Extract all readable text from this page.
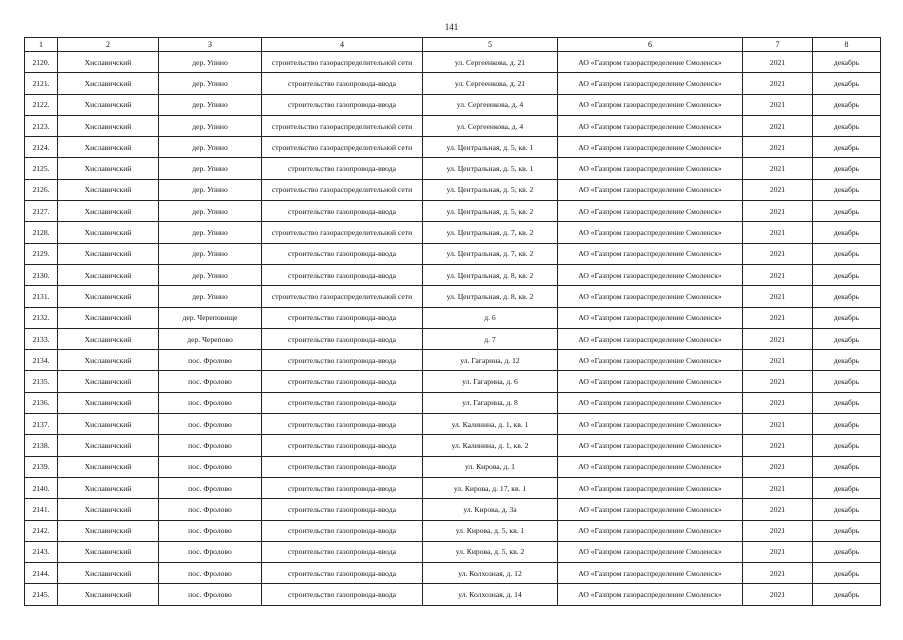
141
1	2	3	4	5	6	7	8
2120.	Хиславичский	дер. Упино	строительство газораспределительной сети	ул. Сергеенкова, д. 21	АО «Газпром газораспределение Смоленск»	2021	декабрь
2121.	Хиславичский	дер. Упино	строительство газопровода-ввода	ул. Сергеенкова, д. 21	АО «Газпром газораспределение Смоленск»	2021	декабрь
2122.	Хиславичский	дер. Упино	строительство газопровода-ввода	ул. Сергеенкова, д. 4	АО «Газпром газораспределение Смоленск»	2021	декабрь
2123.	Хиславичский	дер. Упино	строительство газораспределительной сети	ул. Сергеенкова, д. 4	АО «Газпром газораспределение Смоленск»	2021	декабрь
2124.	Хиславичский	дер. Упино	строительство газораспределительной сети	ул. Центральная, д. 5, кв. 1	АО «Газпром газораспределение Смоленск»	2021	декабрь
2125.	Хиславичский	дер. Упино	строительство газопровода-ввода	ул. Центральная, д. 5, кв. 1	АО «Газпром газораспределение Смоленск»	2021	декабрь
2126.	Хиславичский	дер. Упино	строительство газораспределительной сети	ул. Центральная, д. 5, кв. 2	АО «Газпром газораспределение Смоленск»	2021	декабрь
2127.	Хиславичский	дер. Упино	строительство газопровода-ввода	ул. Центральная, д. 5, кв. 2	АО «Газпром газораспределение Смоленск»	2021	декабрь
2128.	Хиславичский	дер. Упино	строительство газораспределительной сети	ул. Центральная, д. 7, кв. 2	АО «Газпром газораспределение Смоленск»	2021	декабрь
2129.	Хиславичский	дер. Упино	строительство газопровода-ввода	ул. Центральная, д. 7, кв. 2	АО «Газпром газораспределение Смоленск»	2021	декабрь
2130.	Хиславичский	дер. Упино	строительство газопровода-ввода	ул. Центральная, д. 8, кв. 2	АО «Газпром газораспределение Смоленск»	2021	декабрь
2131.	Хиславичский	дер. Упино	строительство газораспределительной сети	ул. Центральная, д. 8, кв. 2	АО «Газпром газораспределение Смоленск»	2021	декабрь
2132.	Хиславичский	дер. Череповище	строительство газопровода-ввода	д. 6	АО «Газпром газораспределение Смоленск»	2021	декабрь
2133.	Хиславичский	дер. Черепово	строительство газопровода-ввода	д. 7	АО «Газпром газораспределение Смоленск»	2021	декабрь
2134.	Хиславичский	пос. Фролово	строительство газопровода-ввода	ул. Гагарина, д. 12	АО «Газпром газораспределение Смоленск»	2021	декабрь
2135.	Хиславичский	пос. Фролово	строительство газопровода-ввода	ул. Гагарина, д. 6	АО «Газпром газораспределение Смоленск»	2021	декабрь
2136.	Хиславичский	пос. Фролово	строительство газопровода-ввода	ул. Гагарина, д. 8	АО «Газпром газораспределение Смоленск»	2021	декабрь
2137.	Хиславичский	пос. Фролово	строительство газопровода-ввода	ул. Калинина, д. 1, кв. 1	АО «Газпром газораспределение Смоленск»	2021	декабрь
2138.	Хиславичский	пос. Фролово	строительство газопровода-ввода	ул. Калинина, д. 1, кв. 2	АО «Газпром газораспределение Смоленск»	2021	декабрь
2139.	Хиславичский	пос. Фролово	строительство газопровода-ввода	ул. Кирова, д. 1	АО «Газпром газораспределение Смоленск»	2021	декабрь
2140.	Хиславичский	пос. Фролово	строительство газопровода-ввода	ул. Кирова, д. 17, кв. 1	АО «Газпром газораспределение Смоленск»	2021	декабрь
2141.	Хиславичский	пос. Фролово	строительство газопровода-ввода	ул. Кирова, д. 3а	АО «Газпром газораспределение Смоленск»	2021	декабрь
2142.	Хиславичский	пос. Фролово	строительство газопровода-ввода	ул. Кирова, д. 5, кв. 1	АО «Газпром газораспределение Смоленск»	2021	декабрь
2143.	Хиславичский	пос. Фролово	строительство газопровода-ввода	ул. Кирова, д. 5, кв. 2	АО «Газпром газораспределение Смоленск»	2021	декабрь
2144.	Хиславичский	пос. Фролово	строительство газопровода-ввода	ул. Колхозная, д. 12	АО «Газпром газораспределение Смоленск»	2021	декабрь
2145.	Хиславичский	пос. Фролово	строительство газопровода-ввода	ул. Колхозная, д. 14	АО «Газпром газораспределение Смоленск»	2021	декабрь
